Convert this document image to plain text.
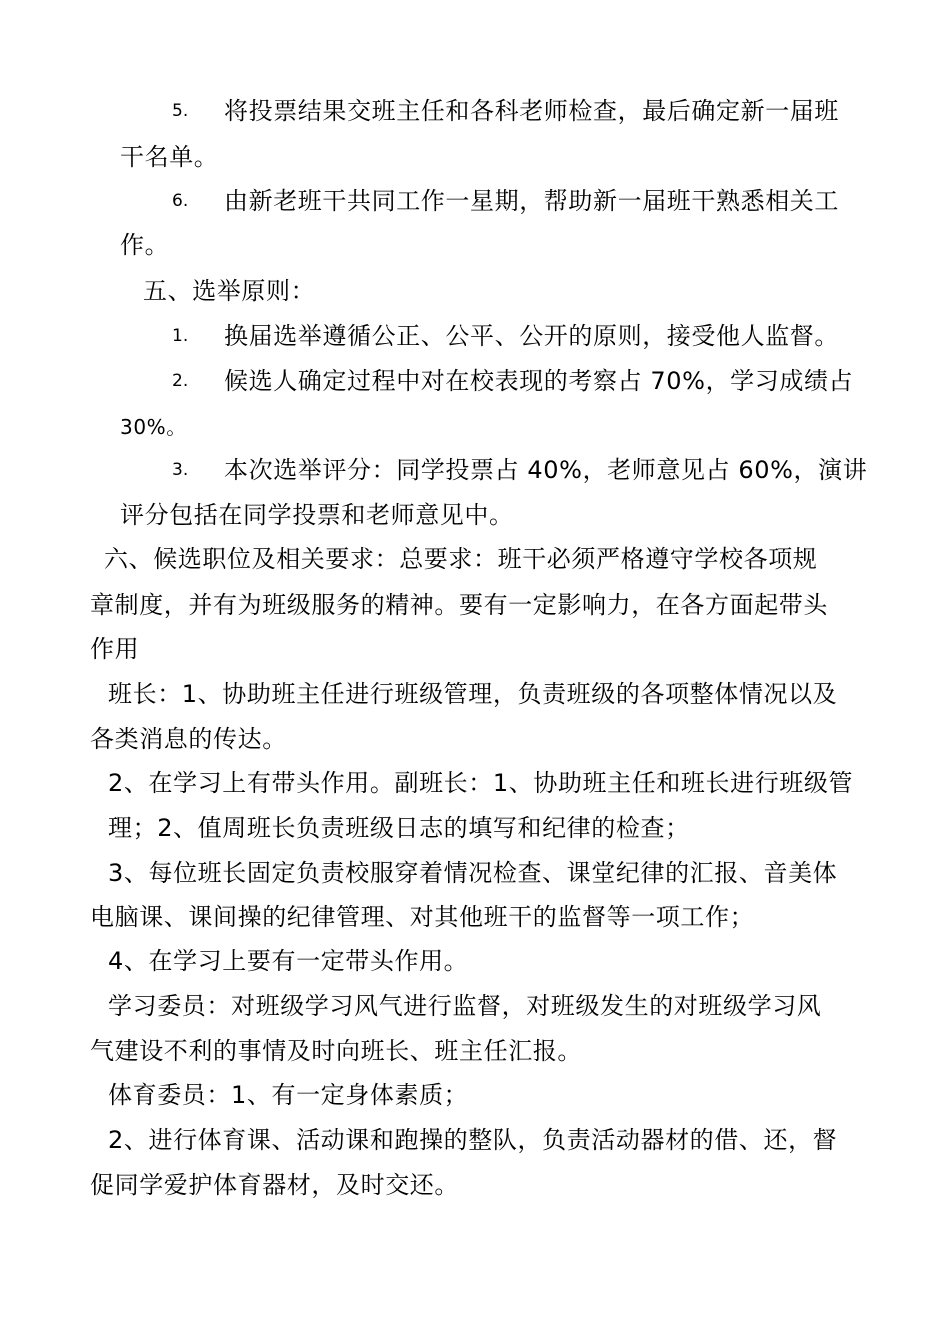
5. 将投票结果交班主任和各科老师检查，最后确定新一届班
干名单。
6. 由新老班干共同工作一星期，帮助新一届班干熟悉相关工
作。
五、选举原则：
1. 换届选举遵循公正、公平、公开的原则，接受他人监督。
2. 候选人确定过程中对在校表现的考察占 70%，学习成绩占
30%。
3. 本次选举评分：同学投票占 40%，老师意见占 60%，演讲
评分包括在同学投票和老师意见中。
六、候选职位及相关要求：总要求：班干必须严格遵守学校各项规
章制度，并有为班级服务的精神。要有一定影响力，在各方面起带头
作用
班长：1、协助班主任进行班级管理，负责班级的各项整体情况以及
各类消息的传达。
2、在学习上有带头作用。副班长：1、协助班主任和班长进行班级管
理；2、值周班长负责班级日志的填写和纪律的检查；
3、每位班长固定负责校服穿着情况检查、课堂纪律的汇报、音美体
电脑课、课间操的纪律管理、对其他班干的监督等一项工作；
4、在学习上要有一定带头作用。
学习委员：对班级学习风气进行监督，对班级发生的对班级学习风
气建设不利的事情及时向班长、班主任汇报。
体育委员：1、有一定身体素质；
2、进行体育课、活动课和跑操的整队，负责活动器材的借、还，督
促同学爱护体育器材，及时交还。
